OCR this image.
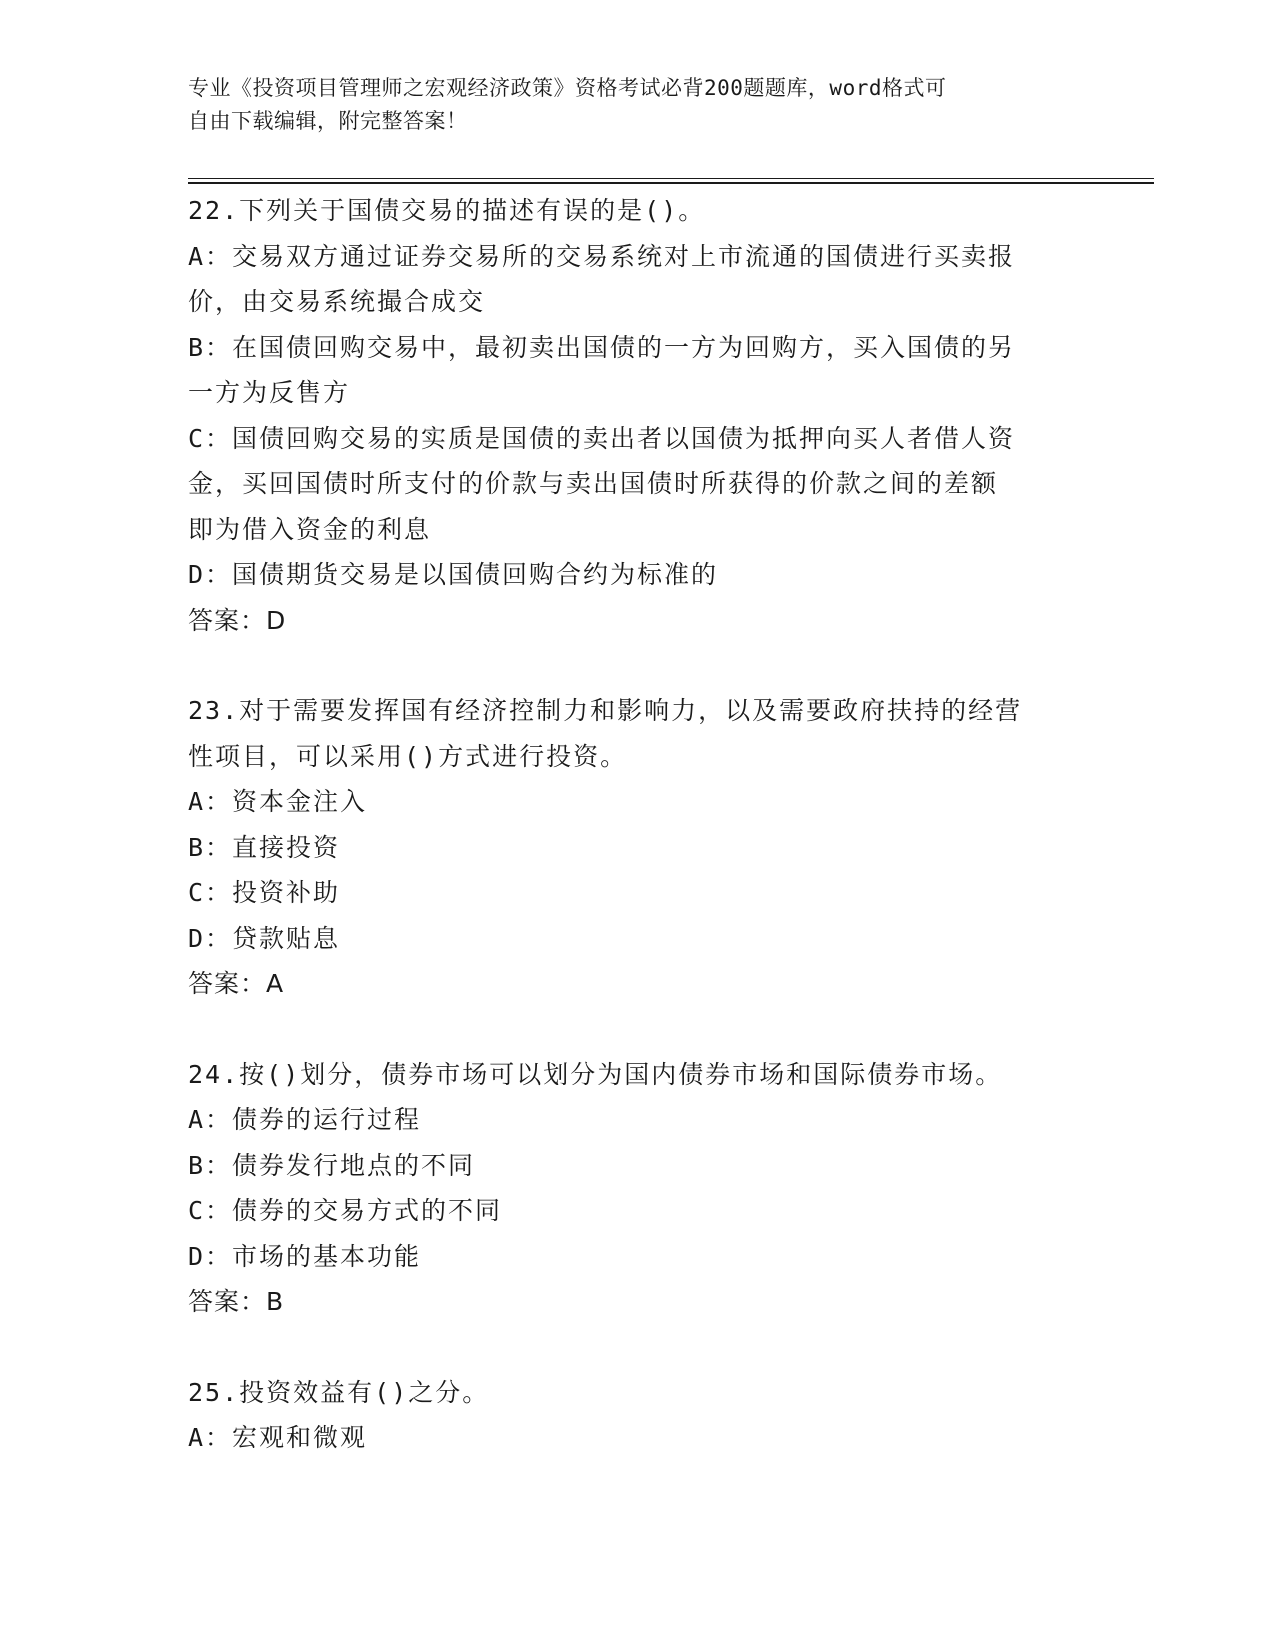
专业《投资项目管理师之宏观经济政策》资格考试必背200题题库，word格式可
自由下载编辑，附完整答案！
22.下列关于国债交易的描述有误的是()。
A：交易双方通过证券交易所的交易系统对上市流通的国债进行买卖报
价，由交易系统撮合成交
B：在国债回购交易中，最初卖出国债的一方为回购方，买入国债的另
一方为反售方
C：国债回购交易的实质是国债的卖出者以国债为抵押向买人者借人资
金，买回国债时所支付的价款与卖出国债时所获得的价款之间的差额
即为借入资金的利息
D：国债期货交易是以国债回购合约为标准的
答案：D
23.对于需要发挥国有经济控制力和影响力，以及需要政府扶持的经营
性项目，可以采用()方式进行投资。
A：资本金注入
B：直接投资
C：投资补助
D：贷款贴息
答案：A
24.按()划分，债券市场可以划分为国内债券市场和国际债券市场。
A：债券的运行过程
B：债券发行地点的不同
C：债券的交易方式的不同
D：市场的基本功能
答案：B
25.投资效益有()之分。
A：宏观和微观
